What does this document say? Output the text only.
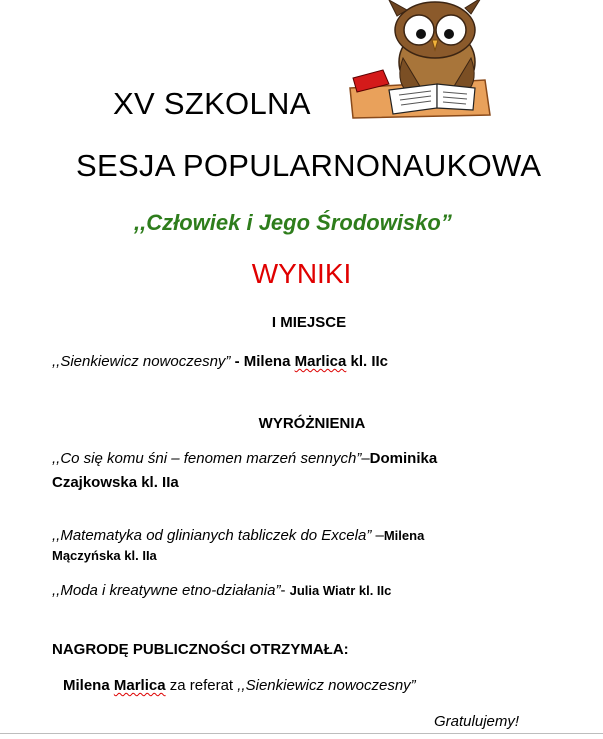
XV SZKOLNA
SESJA POPULARNONAUKOWA
,,Człowiek i Jego Środowisko”
WYNIKI
I MIEJSCE
,,Sienkiewicz nowoczesny” - Milena Marlica kl. IIc
WYRÓŻNIENIA
,,Co się komu śni – fenomen marzeń sennych”–Dominika
Czajkowska kl. IIa
,,Matematyka od glinianych tabliczek do Excela” –Milena
Mączyńska kl. IIa
,,Moda i kreatywne etno-działania”- Julia Wiatr kl. IIc
NAGRODĘ PUBLICZNOŚCI OTRZYMAŁA:
Milena Marlica za referat ,,Sienkiewicz nowoczesny”
Gratulujemy!
